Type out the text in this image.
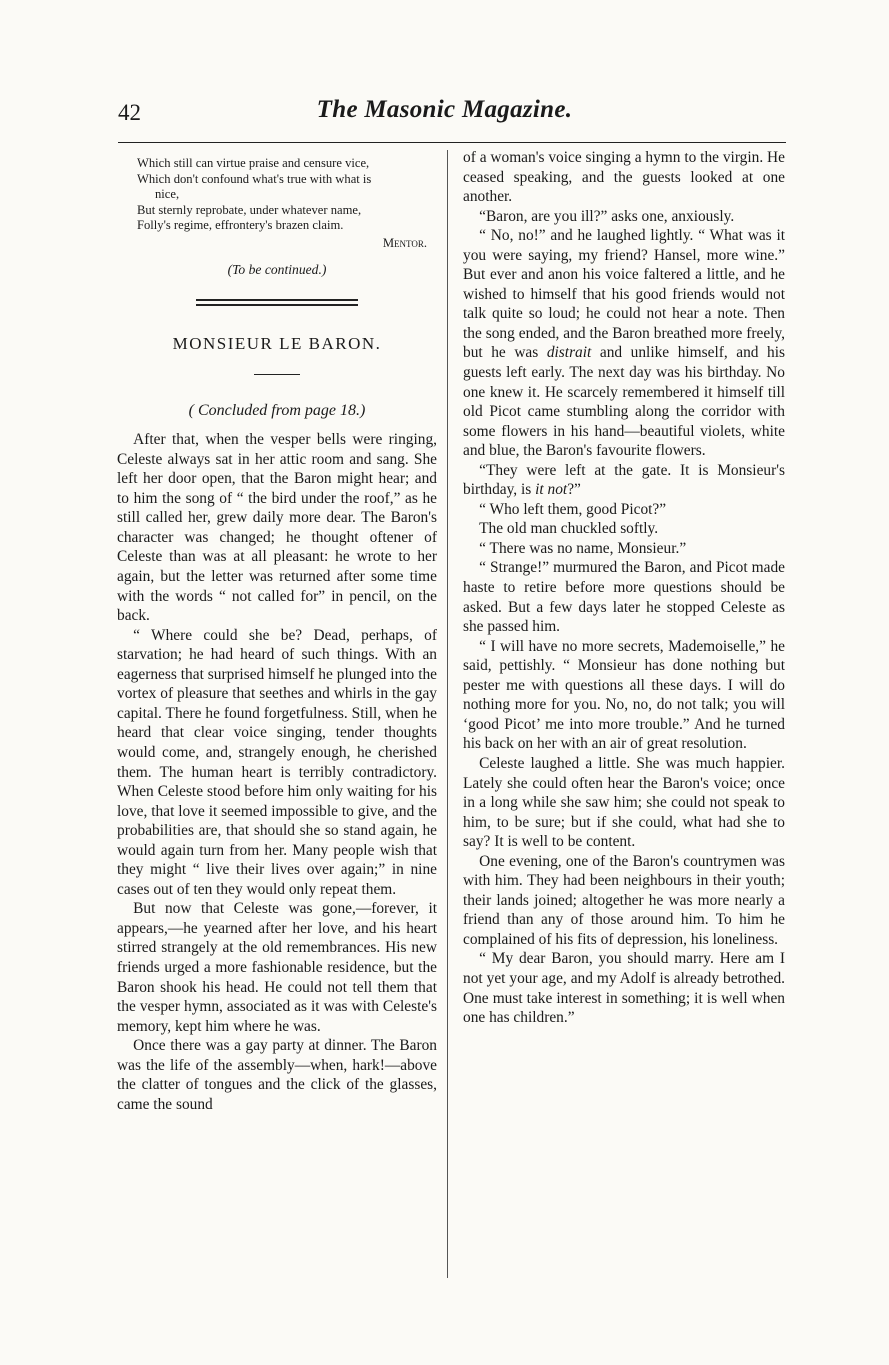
42	The Masonic Magazine.
Which still can virtue praise and censure vice,
Which don't confound what's true with what is
nice,
But sternly reprobate, under whatever name,
Folly's regime, effrontery's brazen claim.
Mentor.
(To be continued.)
MONSIEUR LE BARON.
( Concluded from page 18.)

After that, when the vesper bells were ringing, Celeste always sat in her attic room and sang. She left her door open, that the Baron might hear; and to him the song of “ the bird under the roof,” as he still called her, grew daily more dear. The Baron's character was changed; he thought oftener of Celeste than was at all pleasant: he wrote to her again, but the letter was returned after some time with the words “ not called for” in pencil, on the back.

“ Where could she be? Dead, perhaps, of starvation; he had heard of such things. With an eagerness that surprised himself he plunged into the vortex of pleasure that seethes and whirls in the gay capital. There he found forgetfulness. Still, when he heard that clear voice singing, tender thoughts would come, and, strangely enough, he cherished them. The human heart is terribly contradictory. When Celeste stood before him only waiting for his love, that love it seemed impossible to give, and the probabilities are, that should she so stand again, he would again turn from her. Many people wish that they might “ live their lives over again;” in nine cases out of ten they would only repeat them.

But now that Celeste was gone,—forever, it appears,—he yearned after her love, and his heart stirred strangely at the old remembrances. His new friends urged a more fashionable residence, but the Baron shook his head. He could not tell them that the vesper hymn, associated as it was with Celeste's memory, kept him where he was.

Once there was a gay party at dinner. The Baron was the life of the assembly—when, hark!—above the clatter of tongues and the click of the glasses, came the sound

of a woman's voice singing a hymn to the virgin. He ceased speaking, and the guests looked at one another.

“Baron, are you ill?” asks one, anxiously.

“ No, no!” and he laughed lightly. “ What was it you were saying, my friend? Hansel, more wine.” But ever and anon his voice faltered a little, and he wished to himself that his good friends would not talk quite so loud; he could not hear a note. Then the song ended, and the Baron breathed more freely, but he was distrait and unlike himself, and his guests left early. The next day was his birthday. No one knew it. He scarcely remembered it himself till old Picot came stumbling along the corridor with some flowers in his hand—beautiful violets, white and blue, the Baron's favourite flowers.

“They were left at the gate. It is Monsieur's birthday, is it not?”

“ Who left them, good Picot?”

The old man chuckled softly.

“ There was no name, Monsieur.”

“ Strange!” murmured the Baron, and Picot made haste to retire before more questions should be asked. But a few days later he stopped Celeste as she passed him.

“ I will have no more secrets, Mademoiselle,” he said, pettishly. “ Monsieur has done nothing but pester me with questions all these days. I will do nothing more for you. No, no, do not talk; you will ‘good Picot’ me into more trouble.” And he turned his back on her with an air of great resolution.

Celeste laughed a little. She was much happier. Lately she could often hear the Baron's voice; once in a long while she saw him; she could not speak to him, to be sure; but if she could, what had she to say? It is well to be content.

One evening, one of the Baron's countrymen was with him. They had been neighbours in their youth; their lands joined; altogether he was more nearly a friend than any of those around him. To him he complained of his fits of depression, his loneliness.

“ My dear Baron, you should marry. Here am I not yet your age, and my Adolf is already betrothed. One must take interest in something; it is well when one has children.”
